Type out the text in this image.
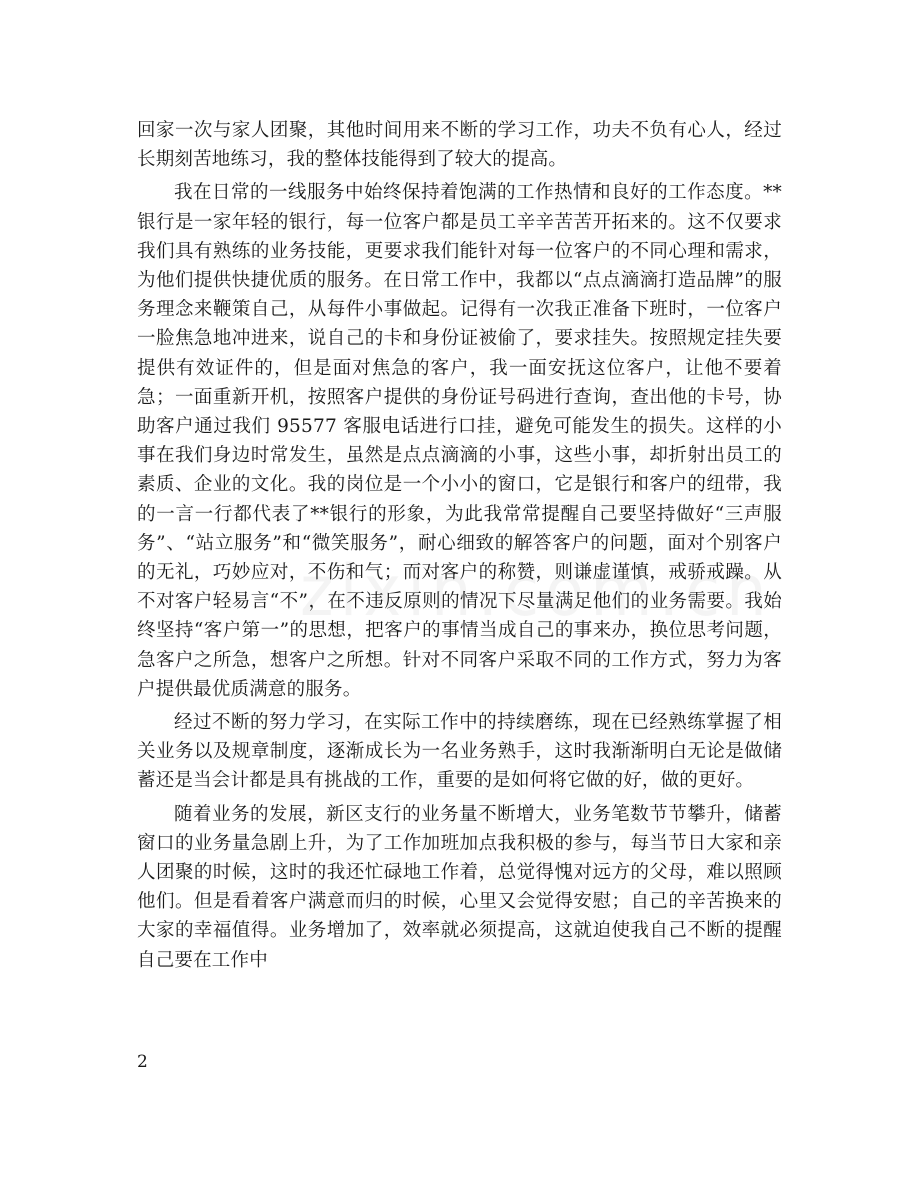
回家一次与家人团聚，其他时间用来不断的学习工作，功夫不负有心人，经过长期刻苦地练习，我的整体技能得到了较大的提高。

我在日常的一线服务中始终保持着饱满的工作热情和良好的工作态度。**银行是一家年轻的银行，每一位客户都是员工辛辛苦苦开拓来的。这不仅要求我们具有熟练的业务技能，更要求我们能针对每一位客户的不同心理和需求，为他们提供快捷优质的服务。在日常工作中，我都以“点点滴滴打造品牌”的服务理念来鞭策自己，从每件小事做起。记得有一次我正准备下班时，一位客户一脸焦急地冲进来，说自己的卡和身份证被偷了，要求挂失。按照规定挂失要提供有效证件的，但是面对焦急的客户，我一面安抚这位客户，让他不要着急；一面重新开机，按照客户提供的身份证号码进行查询，查出他的卡号，协助客户通过我们 95577 客服电话进行口挂，避免可能发生的损失。这样的小事在我们身边时常发生，虽然是点点滴滴的小事，这些小事，却折射出员工的素质、企业的文化。我的岗位是一个小小的窗口，它是银行和客户的纽带，我的一言一行都代表了**银行的形象，为此我常常提醒自己要坚持做好“三声服务”、“站立服务”和“微笑服务”，耐心细致的解答客户的问题，面对个别客户的无礼，巧妙应对，不伤和气；而对客户的称赞，则谦虚谨慎，戒骄戒躁。从不对客户轻易言“不”，在不违反原则的情况下尽量满足他们的业务需要。我始终坚持“客户第一”的思想，把客户的事情当成自己的事来办，换位思考问题，急客户之所急，想客户之所想。针对不同客户采取不同的工作方式，努力为客户提供最优质满意的服务。

经过不断的努力学习，在实际工作中的持续磨练，现在已经熟练掌握了相关业务以及规章制度，逐渐成长为一名业务熟手，这时我渐渐明白无论是做储蓄还是当会计都是具有挑战的工作，重要的是如何将它做的好，做的更好。

随着业务的发展，新区支行的业务量不断增大，业务笔数节节攀升，储蓄窗口的业务量急剧上升，为了工作加班加点我积极的参与，每当节日大家和亲人团聚的时候，这时的我还忙碌地工作着，总觉得愧对远方的父母，难以照顾他们。但是看着客户满意而归的时候，心里又会觉得安慰；自己的辛苦换来的大家的幸福值得。业务增加了，效率就必须提高，这就迫使我自己不断的提醒自己要在工作中

2
